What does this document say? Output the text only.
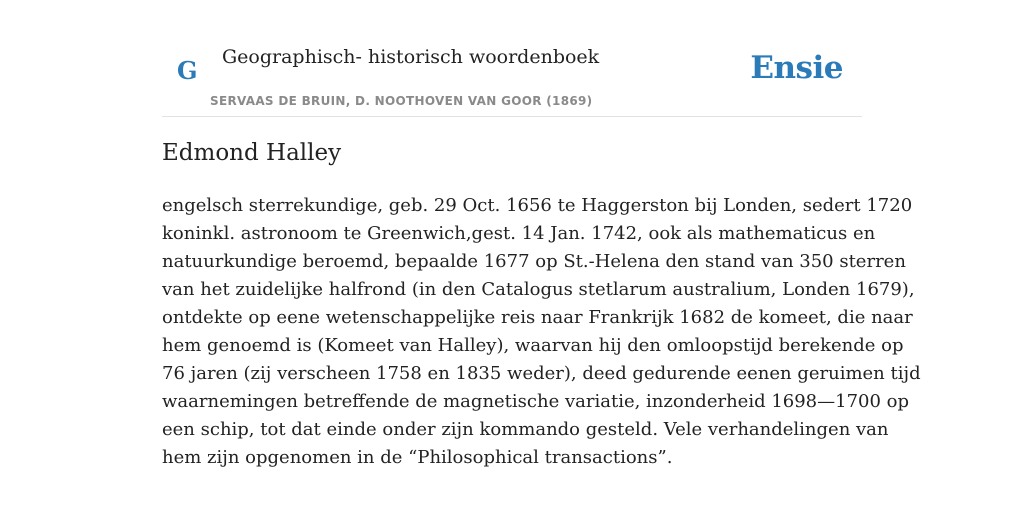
G Geographisch- historisch woordenboek
SERVAAS DE BRUIN, D. NOOTHOVEN VAN GOOR (1869)
Ensie
Edmond Halley

engelsch sterrekundige, geb. 29 Oct. 1656 te Haggerston bij Londen, sedert 1720
koninkl. astronoom te Greenwich,gest. 14 Jan. 1742, ook als mathematicus en
natuurkundige beroemd, bepaalde 1677 op St.-Helena den stand van 350 sterren
van het zuidelijke halfrond (in den Catalogus stetlarum australium, Londen 1679),
ontdekte op eene wetenschappelijke reis naar Frankrijk 1682 de komeet, die naar
hem genoemd is (Komeet van Halley), waarvan hij den omloopstijd berekende op
76 jaren (zij verscheen 1758 en 1835 weder), deed gedurende eenen geruimen tijd
waarnemingen betreffende de magnetische variatie, inzonderheid 1698—1700 op
een schip, tot dat einde onder zijn kommando gesteld. Vele verhandelingen van
hem zijn opgenomen in de “Philosophical transactions”.
